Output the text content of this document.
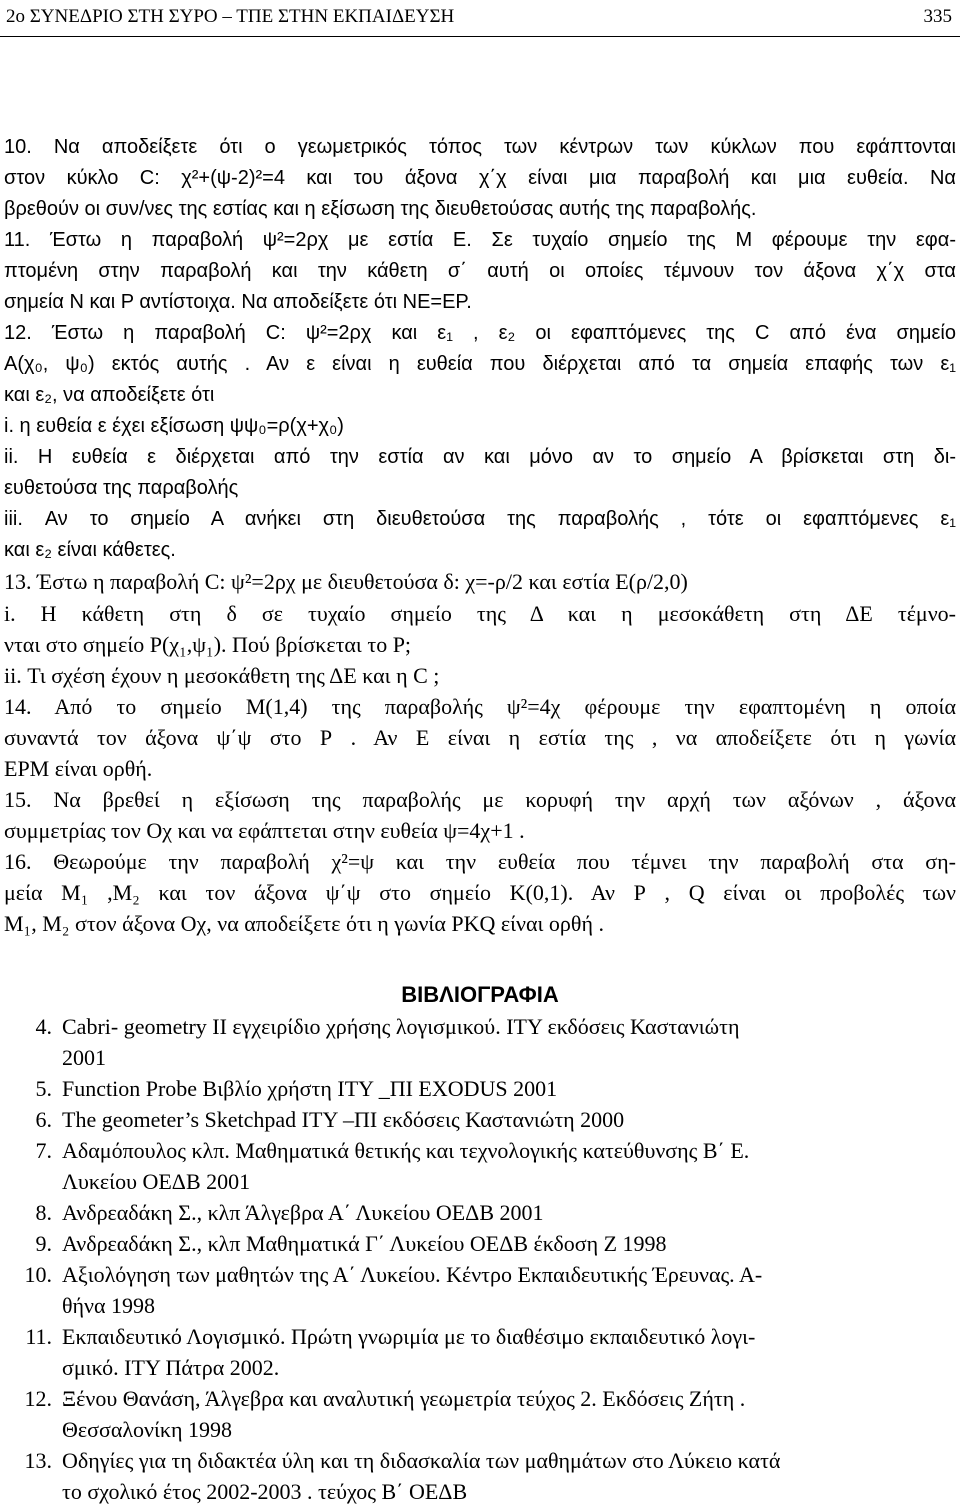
2ο ΣΥΝΕΔΡΙΟ ΣΤΗ ΣΥΡΟ – ΤΠΕ ΣΤΗΝ ΕΚΠΑΙΔΕΥΣΗ	335
10. Να αποδείξετε ότι ο γεωμετρικός τόπος των κέντρων των κύκλων που εφάπτονται
στον κύκλο C: χ²+(ψ-2)²=4 και του άξονα χ΄χ είναι μια παραβολή και μια ευθεία. Να
βρεθούν οι συν/νες της εστίας και η εξίσωση της διευθετούσας αυτής της παραβολής.
11. Έστω η παραβολή ψ²=2ρχ με εστία Ε. Σε τυχαίο σημείο της Μ φέρουμε την εφα-
πτομένη στην παραβολή και την κάθετη σ΄ αυτή οι οποίες τέμνουν τον άξονα χ΄χ στα
σημεία Ν και Ρ αντίστοιχα. Να αποδείξετε ότι ΝΕ=ΕΡ.
12. Έστω η παραβολή C: ψ²=2ρχ και ε₁ , ε₂ οι εφαπτόμενες της C από ένα σημείο
Α(χ₀, ψ₀) εκτός αυτής . Αν ε είναι η ευθεία που διέρχεται από τα σημεία επαφής των ε₁
και ε₂, να αποδείξετε ότι
i. η ευθεία ε έχει εξίσωση ψψ₀=ρ(χ+χ₀)
ii. Η ευθεία ε διέρχεται από την εστία αν και μόνο αν το σημείο Α βρίσκεται στη δι-
ευθετούσα της παραβολής
iii. Αν το σημείο Α ανήκει στη διευθετούσα της παραβολής , τότε οι εφαπτόμενες ε₁
και ε₂ είναι κάθετες.
13. Έστω η παραβολή C: ψ²=2ρχ με διευθετούσα δ: χ=-ρ/2 και εστία Ε(ρ/2,0)
i. Η κάθετη στη δ σε τυχαίο σημείο της Δ και η μεσοκάθετη στη ΔΕ τέμνο-
νται στο σημείο Ρ(χ₁,ψ₁). Πού βρίσκεται το Ρ;
ii. Τι σχέση έχουν η μεσοκάθετη της ΔΕ και η C ;
14. Από το σημείο Μ(1,4) της παραβολής ψ²=4χ φέρουμε την εφαπτομένη η οποία
συναντά τον άξονα ψ΄ψ στο Ρ . Αν Ε είναι η εστία της , να αποδείξετε ότι η γωνία
ΕΡΜ είναι ορθή.
15. Να βρεθεί η εξίσωση της παραβολής με κορυφή την αρχή των αξόνων , άξονα
συμμετρίας τον Οχ και να εφάπτεται στην ευθεία ψ=4χ+1 .
16. Θεωρούμε την παραβολή χ²=ψ και την ευθεία που τέμνει την παραβολή στα ση-
μεία Μ₁ ,Μ₂ και τον άξονα ψ΄ψ στο σημείο Κ(0,1). Αν Ρ , Q είναι οι προβολές των
Μ₁, Μ₂ στον άξονα Οχ, να αποδείξετε ότι η γωνία PKQ είναι ορθή .
ΒΙΒΛΙΟΓΡΑΦΙΑ
4. Cabri- geometry II εγχειρίδιο χρήσης λογισμικού. ΙΤΥ εκδόσεις Καστανιώτη
2001
5. Function Probe Βιβλίο χρήστη ΙΤΥ _ΠΙ EXODUS 2001
6. The geometer’s Sketchpad ΙΤΥ –ΠΙ εκδόσεις Καστανιώτη 2000
7. Αδαμόπουλος κλπ. Μαθηματικά θετικής και τεχνολογικής κατεύθυνσης Β΄ Ε.
Λυκείου ΟΕΔΒ 2001
8. Ανδρεαδάκη Σ., κλπ Άλγεβρα Α΄ Λυκείου ΟΕΔΒ 2001
9. Ανδρεαδάκη Σ., κλπ Μαθηματικά Γ΄ Λυκείου ΟΕΔΒ έκδοση Ζ 1998
10. Αξιολόγηση των μαθητών της Α΄ Λυκείου. Κέντρο Εκπαιδευτικής Έρευνας. Α-
θήνα 1998
11. Εκπαιδευτικό Λογισμικό. Πρώτη γνωριμία με το διαθέσιμο εκπαιδευτικό λογι-
σμικό. ΙΤΥ Πάτρα 2002.
12. Ξένου Θανάση, Άλγεβρα και αναλυτική γεωμετρία τεύχος 2. Εκδόσεις Ζήτη .
Θεσσαλονίκη 1998
13. Οδηγίες για τη διδακτέα ύλη και τη διδασκαλία των μαθημάτων στο Λύκειο κατά
το σχολικό έτος 2002-2003 . τεύχος Β΄ ΟΕΔΒ
